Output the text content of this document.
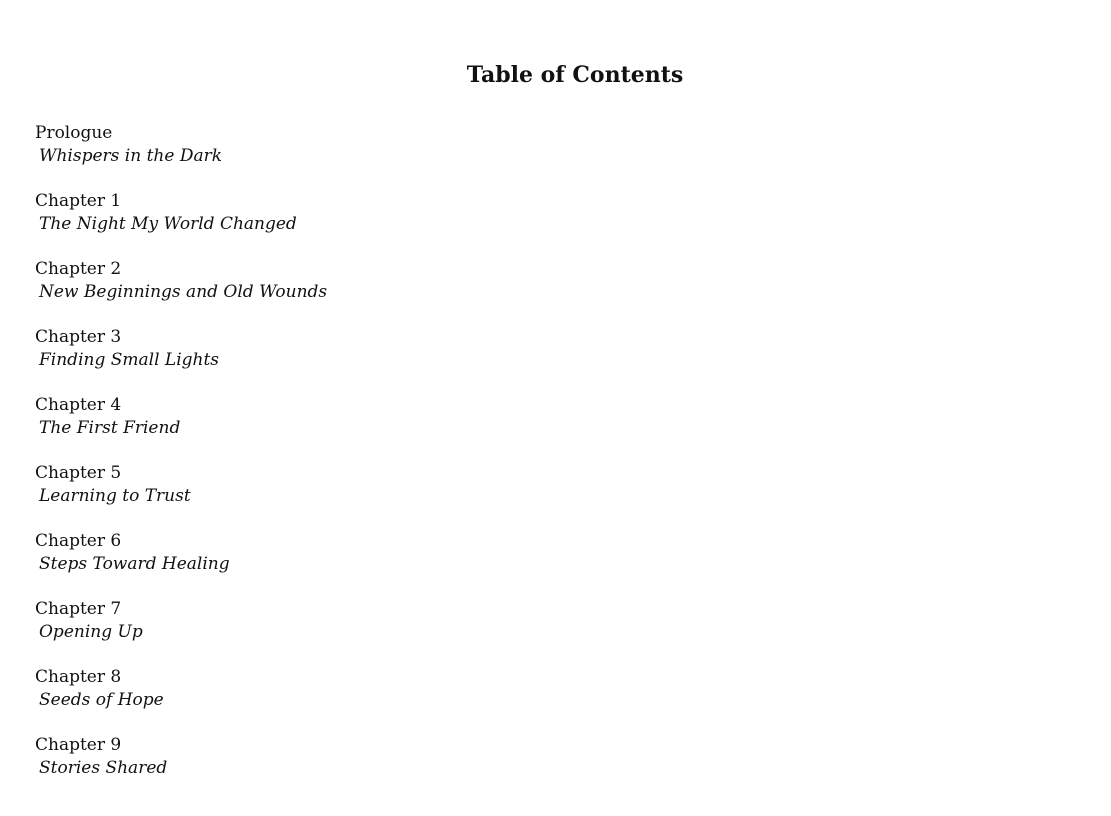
Table of Contents
Prologue
Whispers in the Dark
Chapter 1
The Night My World Changed
Chapter 2
New Beginnings and Old Wounds
Chapter 3
Finding Small Lights
Chapter 4
The First Friend
Chapter 5
Learning to Trust
Chapter 6
Steps Toward Healing
Chapter 7
Opening Up
Chapter 8
Seeds of Hope
Chapter 9
Stories Shared
